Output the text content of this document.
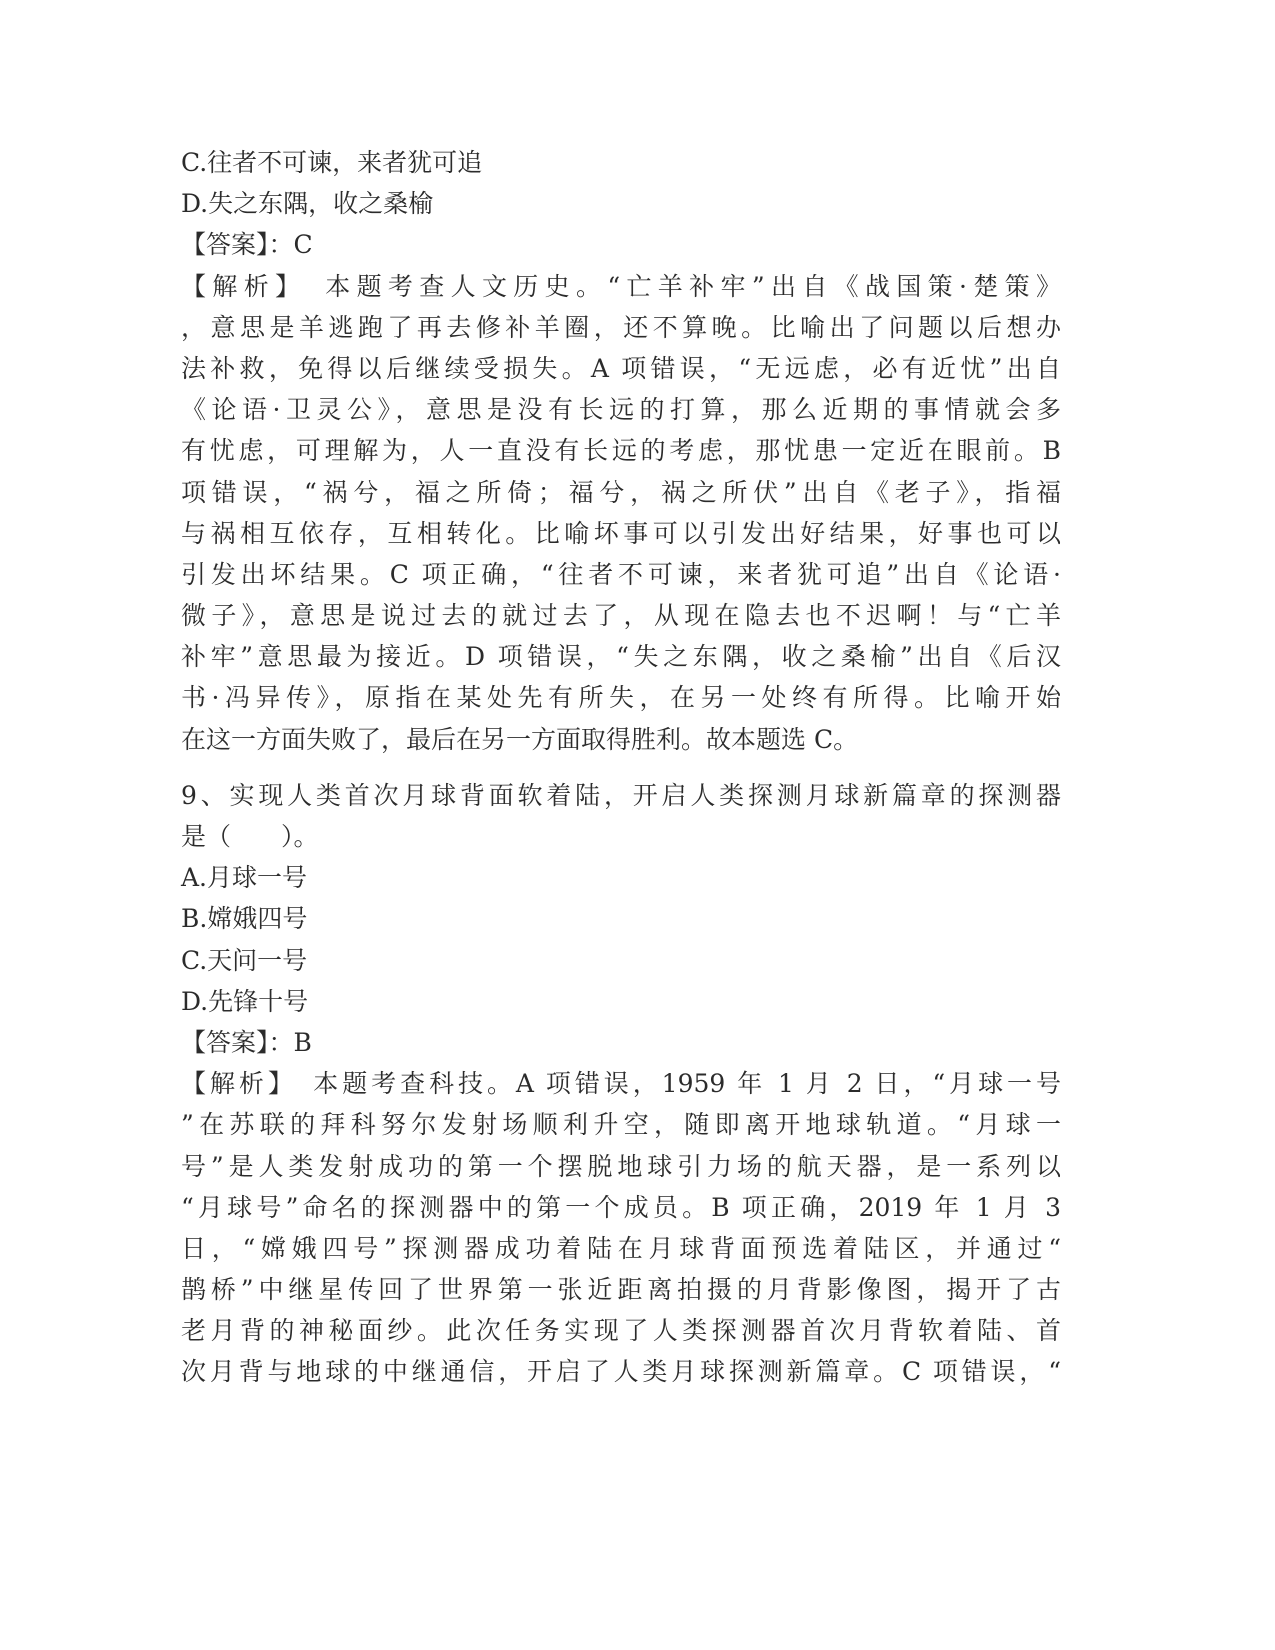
C.往者不可谏，来者犹可追
D.失之东隅，收之桑榆
【答案】：C
【解析】　本题考查人文历史。“亡羊补牢”出自《战国策·楚策》
，意思是羊逃跑了再去修补羊圈，还不算晚。比喻出了问题以后想办
法补救，免得以后继续受损失。A 项错误，“无远虑，必有近忧”出自
《论语·卫灵公》，意思是没有长远的打算，那么近期的事情就会多
有忧虑，可理解为，人一直没有长远的考虑，那忧患一定近在眼前。B
项错误，“祸兮，福之所倚；福兮，祸之所伏”出自《老子》，指福
与祸相互依存，互相转化。比喻坏事可以引发出好结果，好事也可以
引发出坏结果。C 项正确，“往者不可谏，来者犹可追”出自《论语·
微子》，意思是说过去的就过去了，从现在隐去也不迟啊！与“亡羊
补牢”意思最为接近。D 项错误，“失之东隅，收之桑榆”出自《后汉
书·冯异传》，原指在某处先有所失，在另一处终有所得。比喻开始
在这一方面失败了，最后在另一方面取得胜利。故本题选 C。
9、实现人类首次月球背面软着陆，开启人类探测月球新篇章的探测器
是（　　）。
A.月球一号
B.嫦娥四号
C.天问一号
D.先锋十号
【答案】：B
【解析】　本题考查科技。A 项错误，1959 年 1 月 2 日，“月球一号
”在苏联的拜科努尔发射场顺利升空，随即离开地球轨道。“月球一
号”是人类发射成功的第一个摆脱地球引力场的航天器，是一系列以
“月球号”命名的探测器中的第一个成员。B 项正确，2019 年 1 月 3
日，“嫦娥四号”探测器成功着陆在月球背面预选着陆区，并通过“
鹊桥”中继星传回了世界第一张近距离拍摄的月背影像图，揭开了古
老月背的神秘面纱。此次任务实现了人类探测器首次月背软着陆、首
次月背与地球的中继通信，开启了人类月球探测新篇章。C 项错误，“
